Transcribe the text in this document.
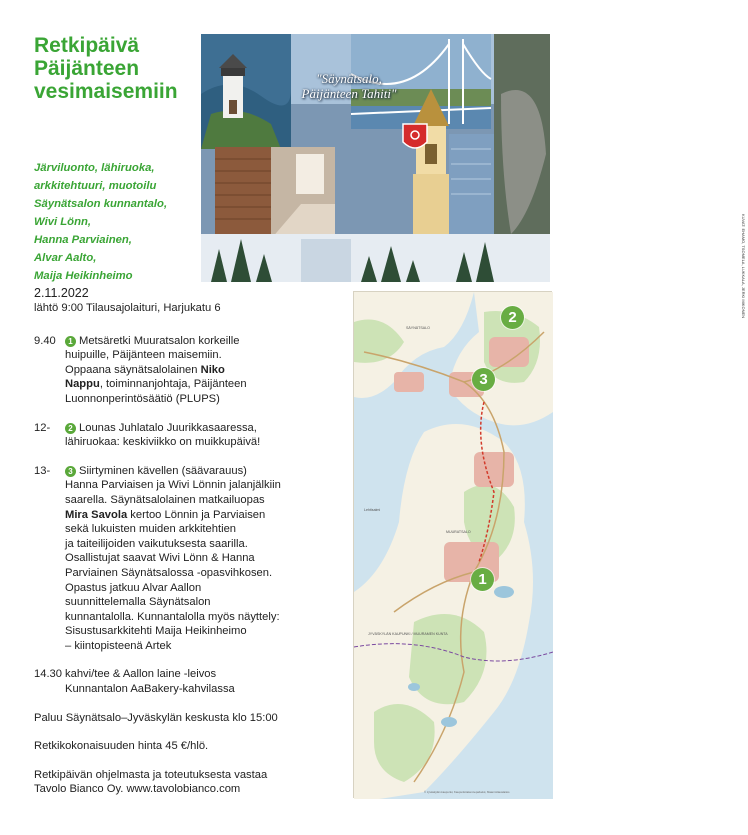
Retkipäivä
Päijänteen
vesimaisemiin
Järviluonto, lähiruoka,
arkkitehtuuri, muotoilu
Säynätsalon kunnantalo,
Wivi Lönn,
Hanna Parviainen,
Alvar Aalto,
Maija Heikinheimo	KUVAT: EHAMO, TSOMELA, LUKKALA, JERKI MIKONEN
"Säynätsalo,
Päijänteen Tahiti"
2.11.2022
lähtö 9:00 Tilausajolaituri, Harjukatu 6
9.40	1 Metsäretki Muuratsalon korkeille
huipuille, Päijänteen maisemiin.
Oppaana säynätsalolainen Niko
Nappu, toiminnanjohtaja, Päijänteen
Luonnonperintösäätiö (PLUPS)
12-	2 Lounas Juhlatalo Juurikkasaaressa,
lähiruokaa: keskiviikko on muikkupäivä!
13-	3 Siirtyminen kävellen (säävarauus)
Hanna Parviaisen ja Wivi Lönnin jalanjälkiin
saarella. Säynätsalolainen matkailuopas
Mira Savola kertoo Lönnin ja Parviaisen
sekä lukuisten muiden arkkitehtien
ja taiteilijoiden vaikutuksesta saarilla.
Osallistujat saavat Wivi Lönn & Hanna
Parviainen Säynätsalossa -opasvihkosen.
Opastus jatkuu Alvar Aallon
suunnittelemalla Säynätsalon
kunnantalolla. Kunnantalolla myös näyttely:
Sisustusarkkitehti Maija Heikinheimo
– kiintopisteenä Artek
14.30 kahvi/tee & Aallon laine -leivos
Kunnantalon AaBakery-kahvilassa
Paluu Säynätsalo–Jyväskylän keskusta klo 15:00
Retkikokonaisuuden hinta 45 €/hlö.
Retkipäivän ohjelmasta ja toteutuksesta vastaa
Tavolo Bianco Oy. www.tavolobianco.com
SÄYNÄTSALO
MUURATSALO
Lehtisalmi
JYVÄSKYLÄN KAUPUNKI / MUURAMEN KUNTA
2
3
1
© Jyväskylän kaupunki, Kaupunkirakennepalvelut, Maanmittauslaitos
